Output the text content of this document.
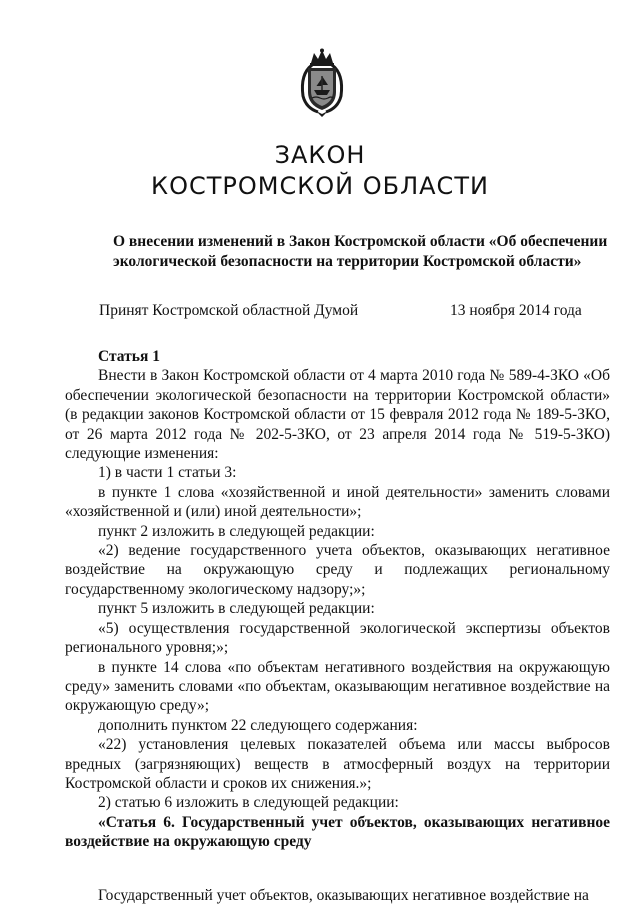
ЗАКОН
КОСТРОМСКОЙ ОБЛАСТИ
О внесении изменений в Закон Костромской области «Об обеспечении
экологической безопасности на территории Костромской области»
Принят Костромской областной Думой	13 ноября 2014 года

Статья 1

Внести в Закон Костромской области от 4 марта 2010 года № 589-4-ЗКО «Об обеспечении экологической безопасности на территории Костромской области» (в редакции законов Костромской области от 15 февраля 2012 года № 189-5-ЗКО, от 26 марта 2012 года № 202-5-ЗКО, от 23 апреля 2014 года № 519-5-ЗКО) следующие изменения:

1) в части 1 статьи 3:

в пункте 1 слова «хозяйственной и иной деятельности» заменить словами «хозяйственной и (или) иной деятельности»;

пункт 2 изложить в следующей редакции:

«2) ведение государственного учета объектов, оказывающих негативное воздействие на окружающую среду и подлежащих региональному государственному экологическому надзору;»;

пункт 5 изложить в следующей редакции:

«5) осуществления государственной экологической экспертизы объектов регионального уровня;»;

в пункте 14 слова «по объектам негативного воздействия на окружающую среду» заменить словами «по объектам, оказывающим негативное воздействие на окружающую среду»;

дополнить пунктом 22 следующего содержания:

«22) установления целевых показателей объема или массы выбросов вредных (загрязняющих) веществ в атмосферный воздух на территории Костромской области и сроков их снижения.»;

2) статью 6 изложить в следующей редакции:

«Статья 6. Государственный учет объектов, оказывающих негативное воздействие на окружающую среду

Государственный учет объектов, оказывающих негативное воздействие на
